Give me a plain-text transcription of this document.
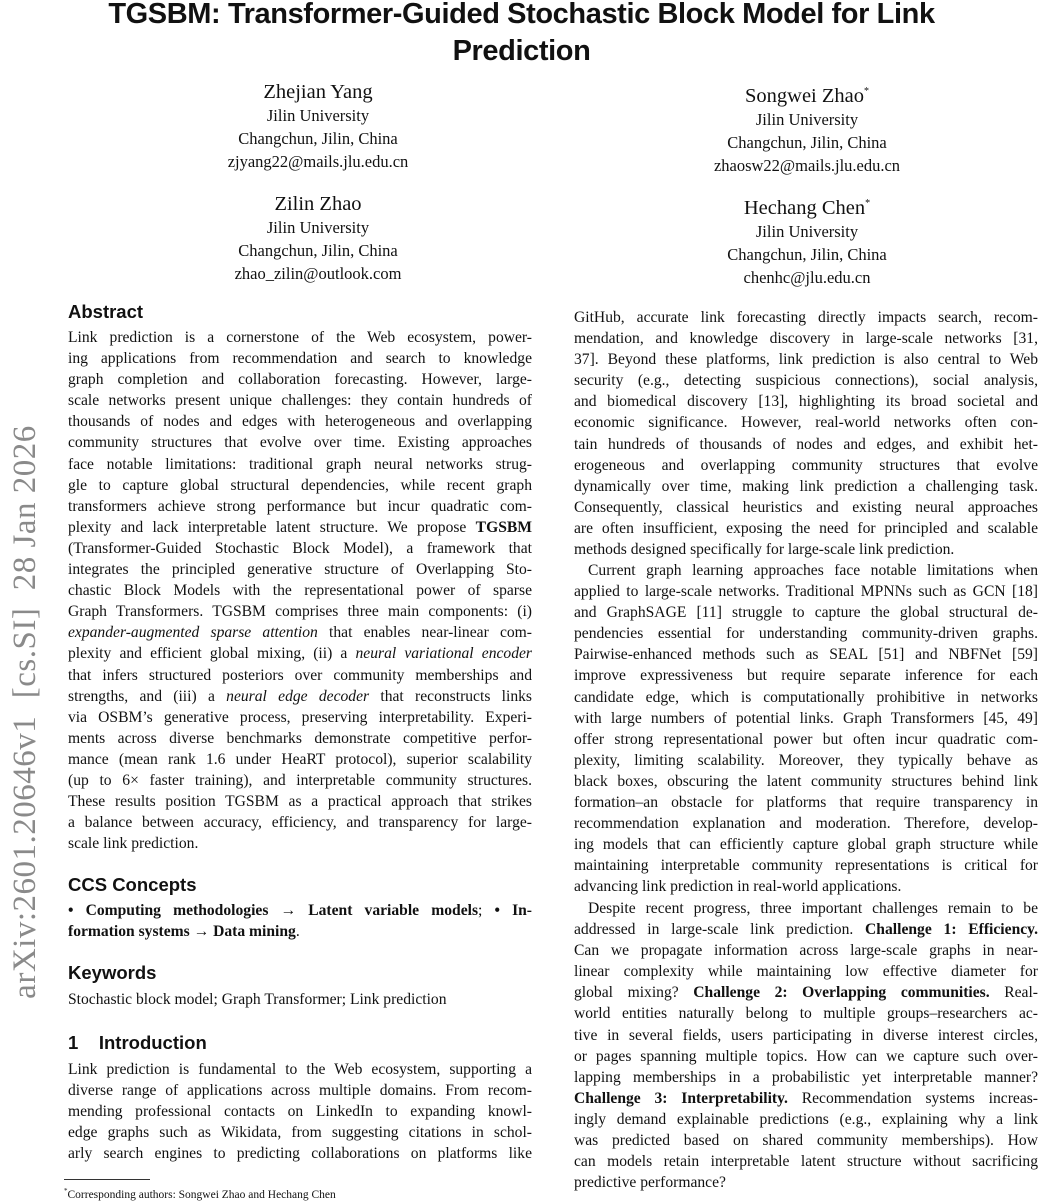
arXiv:2601.20646v1  [cs.SI]  28 Jan 2026
TGSBM: Transformer-Guided Stochastic Block Model for Link
Prediction
Zhejian Yang
Jilin University
Changchun, Jilin, China
zjyang22@mails.jlu.edu.cn
Songwei Zhao*
Jilin University
Changchun, Jilin, China
zhaosw22@mails.jlu.edu.cn
Zilin Zhao
Jilin University
Changchun, Jilin, China
zhao_zilin@outlook.com
Hechang Chen*
Jilin University
Changchun, Jilin, China
chenhc@jlu.edu.cn
Abstract
Link prediction is a cornerstone of the Web ecosystem, power-
ing applications from recommendation and search to knowledge
graph completion and collaboration forecasting. However, large-
scale networks present unique challenges: they contain hundreds of
thousands of nodes and edges with heterogeneous and overlapping
community structures that evolve over time. Existing approaches
face notable limitations: traditional graph neural networks strug-
gle to capture global structural dependencies, while recent graph
transformers achieve strong performance but incur quadratic com-
plexity and lack interpretable latent structure. We propose TGSBM
(Transformer-Guided Stochastic Block Model), a framework that
integrates the principled generative structure of Overlapping Sto-
chastic Block Models with the representational power of sparse
Graph Transformers. TGSBM comprises three main components: (i)
expander-augmented sparse attention that enables near-linear com-
plexity and efficient global mixing, (ii) a neural variational encoder
that infers structured posteriors over community memberships and
strengths, and (iii) a neural edge decoder that reconstructs links
via OSBM’s generative process, preserving interpretability. Experi-
ments across diverse benchmarks demonstrate competitive perfor-
mance (mean rank 1.6 under HeaRT protocol), superior scalability
(up to 6× faster training), and interpretable community structures.
These results position TGSBM as a practical approach that strikes
a balance between accuracy, efficiency, and transparency for large-
scale link prediction.
CCS Concepts
• Computing methodologies → Latent variable models; • In-
formation systems → Data mining.
Keywords
Stochastic block model; Graph Transformer; Link prediction
1    Introduction
Link prediction is fundamental to the Web ecosystem, supporting a
diverse range of applications across multiple domains. From recom-
mending professional contacts on LinkedIn to expanding knowl-
edge graphs such as Wikidata, from suggesting citations in schol-
arly search engines to predicting collaborations on platforms like
GitHub, accurate link forecasting directly impacts search, recom-
mendation, and knowledge discovery in large-scale networks [31,
37]. Beyond these platforms, link prediction is also central to Web
security (e.g., detecting suspicious connections), social analysis,
and biomedical discovery [13], highlighting its broad societal and
economic significance. However, real-world networks often con-
tain hundreds of thousands of nodes and edges, and exhibit het-
erogeneous and overlapping community structures that evolve
dynamically over time, making link prediction a challenging task.
Consequently, classical heuristics and existing neural approaches
are often insufficient, exposing the need for principled and scalable
methods designed specifically for large-scale link prediction.
Current graph learning approaches face notable limitations when
applied to large-scale networks. Traditional MPNNs such as GCN [18]
and GraphSAGE [11] struggle to capture the global structural de-
pendencies essential for understanding community-driven graphs.
Pairwise-enhanced methods such as SEAL [51] and NBFNet [59]
improve expressiveness but require separate inference for each
candidate edge, which is computationally prohibitive in networks
with large numbers of potential links. Graph Transformers [45, 49]
offer strong representational power but often incur quadratic com-
plexity, limiting scalability. Moreover, they typically behave as
black boxes, obscuring the latent community structures behind link
formation–an obstacle for platforms that require transparency in
recommendation explanation and moderation. Therefore, develop-
ing models that can efficiently capture global graph structure while
maintaining interpretable community representations is critical for
advancing link prediction in real-world applications.
Despite recent progress, three important challenges remain to be
addressed in large-scale link prediction. Challenge 1: Efficiency.
Can we propagate information across large-scale graphs in near-
linear complexity while maintaining low effective diameter for
global mixing? Challenge 2: Overlapping communities. Real-
world entities naturally belong to multiple groups–researchers ac-
tive in several fields, users participating in diverse interest circles,
or pages spanning multiple topics. How can we capture such over-
lapping memberships in a probabilistic yet interpretable manner?
Challenge 3: Interpretability. Recommendation systems increas-
ingly demand explainable predictions (e.g., explaining why a link
was predicted based on shared community memberships). How
can models retain interpretable latent structure without sacrificing
predictive performance?
*Corresponding authors: Songwei Zhao and Hechang Chen
